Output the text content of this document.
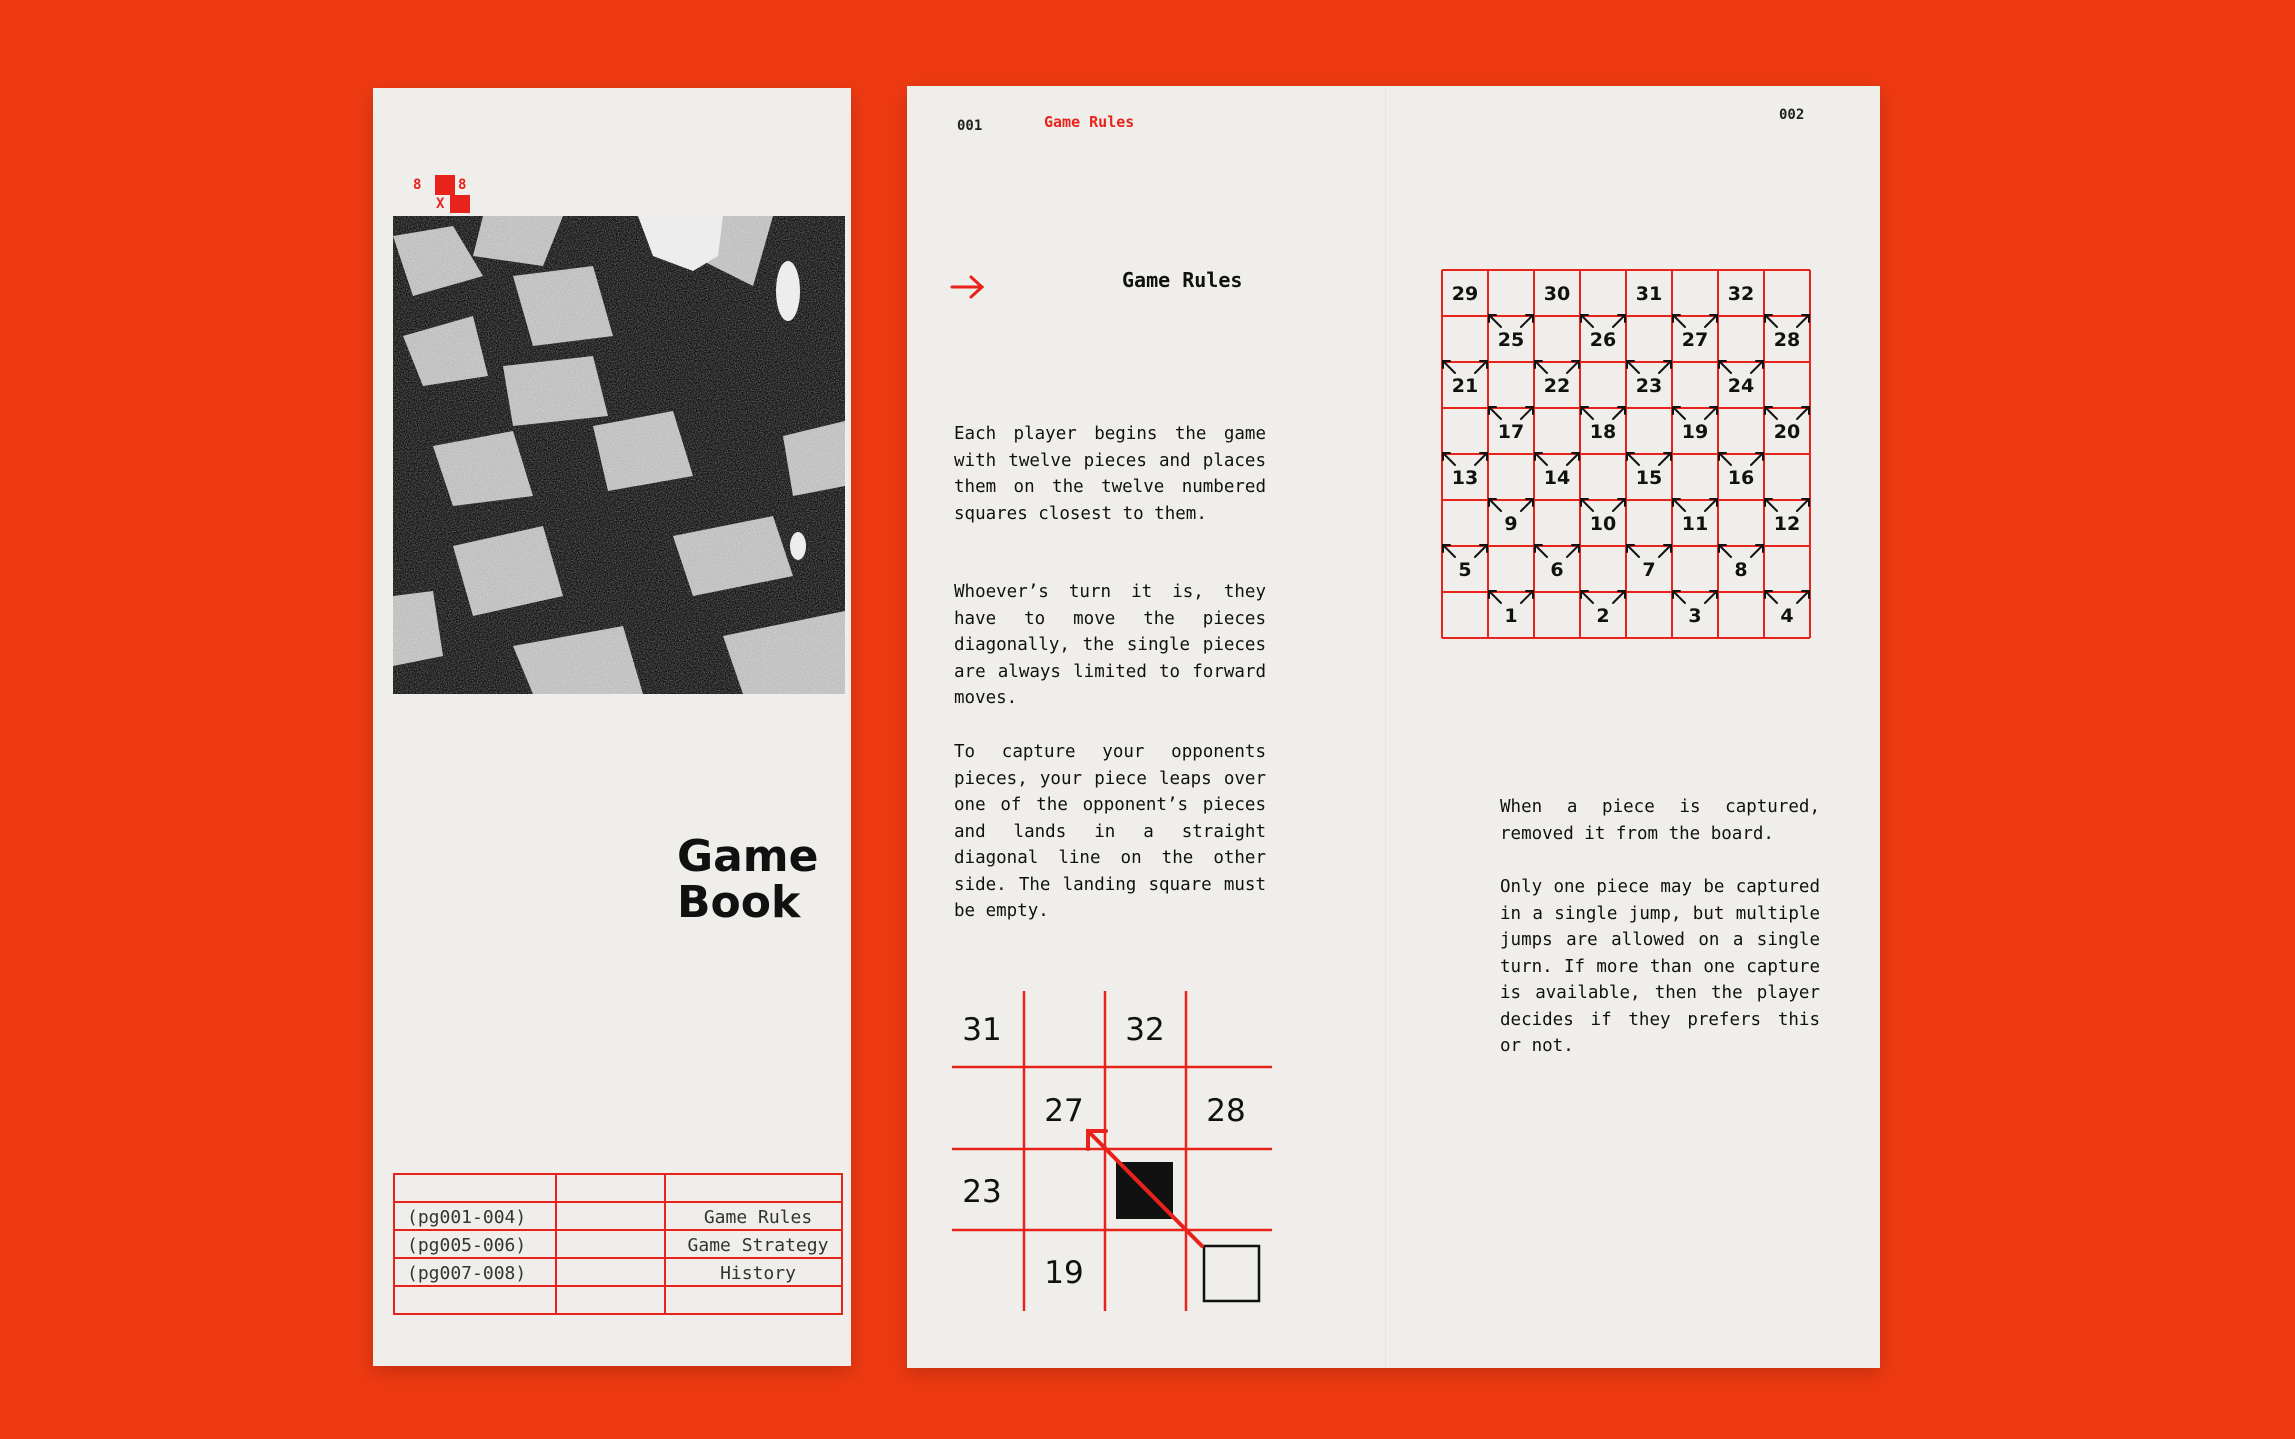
8	8
X
Game
Book
(pg001-004)	Game Rules
(pg005-006)	Game Strategy
(pg007-008)	History
001	Game Rules	002
Game Rules
Each player begins the game with twelve pieces and places them on the twelve numbered squares closest to them.
Whoever’s turn it is, they have to move the pieces diagonally, the single pieces are always limited to forward moves.
To capture your opponents pieces, your piece leaps over one of the opponent’s pieces and lands in a straight diagonal line on the other side. The landing square must be empty.
31	32
27	28
23
19
29	30	31	32
25	26	27	28
21	22	23	24
17	18	19	20
13	14	15	16
9	10	11	12
5	6	7	8
1	2	3	4
When a piece is captured, removed it from the board.
Only one piece may be captured in a single jump, but multiple jumps are allowed on a single turn. If more than one capture is available, then the player decides if they prefers this or not.
